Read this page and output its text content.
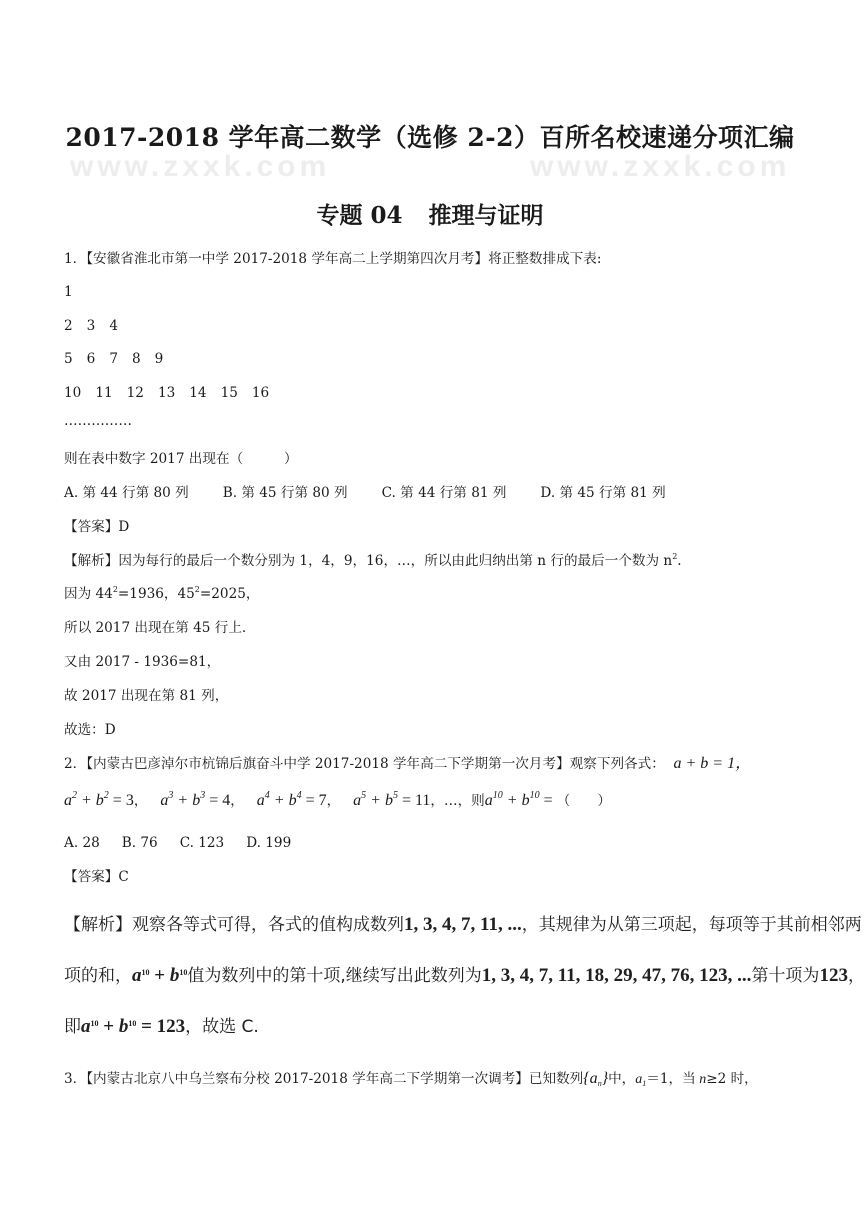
www.zxxk.com	www.zxxk.com
2017-2018 学年高二数学（选修 2-2）百所名校速递分项汇编
专题 04 推理与证明
1．【安徽省淮北市第一中学 2017-2018 学年高二上学期第四次月考】将正整数排成下表:
1
2 3 4
5 6 7 8 9
10 11 12 13 14 15 16
……………
则在表中数字 2017 出现在（　　　）
A. 第 44 行第 80 列	B. 第 45 行第 80 列	C. 第 44 行第 81 列	D. 第 45 行第 81 列
【答案】D
【解析】因为每行的最后一个数分别为 1，4，9，16，…，所以由此归纳出第 n 行的最后一个数为 $n^2$.
因为 $44^2=1936$，$45^2=2025$，
所以 2017 出现在第 45 行上.
又由 2017 - 1936=81，
故 2017 出现在第 81 列，
故选：D
2．【内蒙古巴彦淖尔市杭锦后旗奋斗中学 2017-2018 学年高二下学期第一次月考】观察下列各式： a + b = 1，
$a^2 + b^2 = 3$，   $a^3 + b^3 = 4$，   $a^4 + b^4 = 7$，   $a^5 + b^5 = 11$，…，则$a^{10} + b^{10}$ = （　　）
A. 28 B. 76 C. 123 D. 199
【答案】C
【解析】观察各等式可得，各式的值构成数列1, 3, 4, 7, 11, ...，其规律为从第三项起，每项等于其前相邻两
项的和，$a^{10} + b^{10}$值为数列中的第十项,继续写出此数列为1, 3, 4, 7, 11, 18, 29, 47, 76, 123, ...第十项为123，
即$a^{10} + b^{10} = 123$，故选 C.
3．【内蒙古北京八中乌兰察布分校 2017-2018 学年高二下学期第一次调考】已知数列$\{a_n\}$中，$a_1=1$，当 n≥2 时，
